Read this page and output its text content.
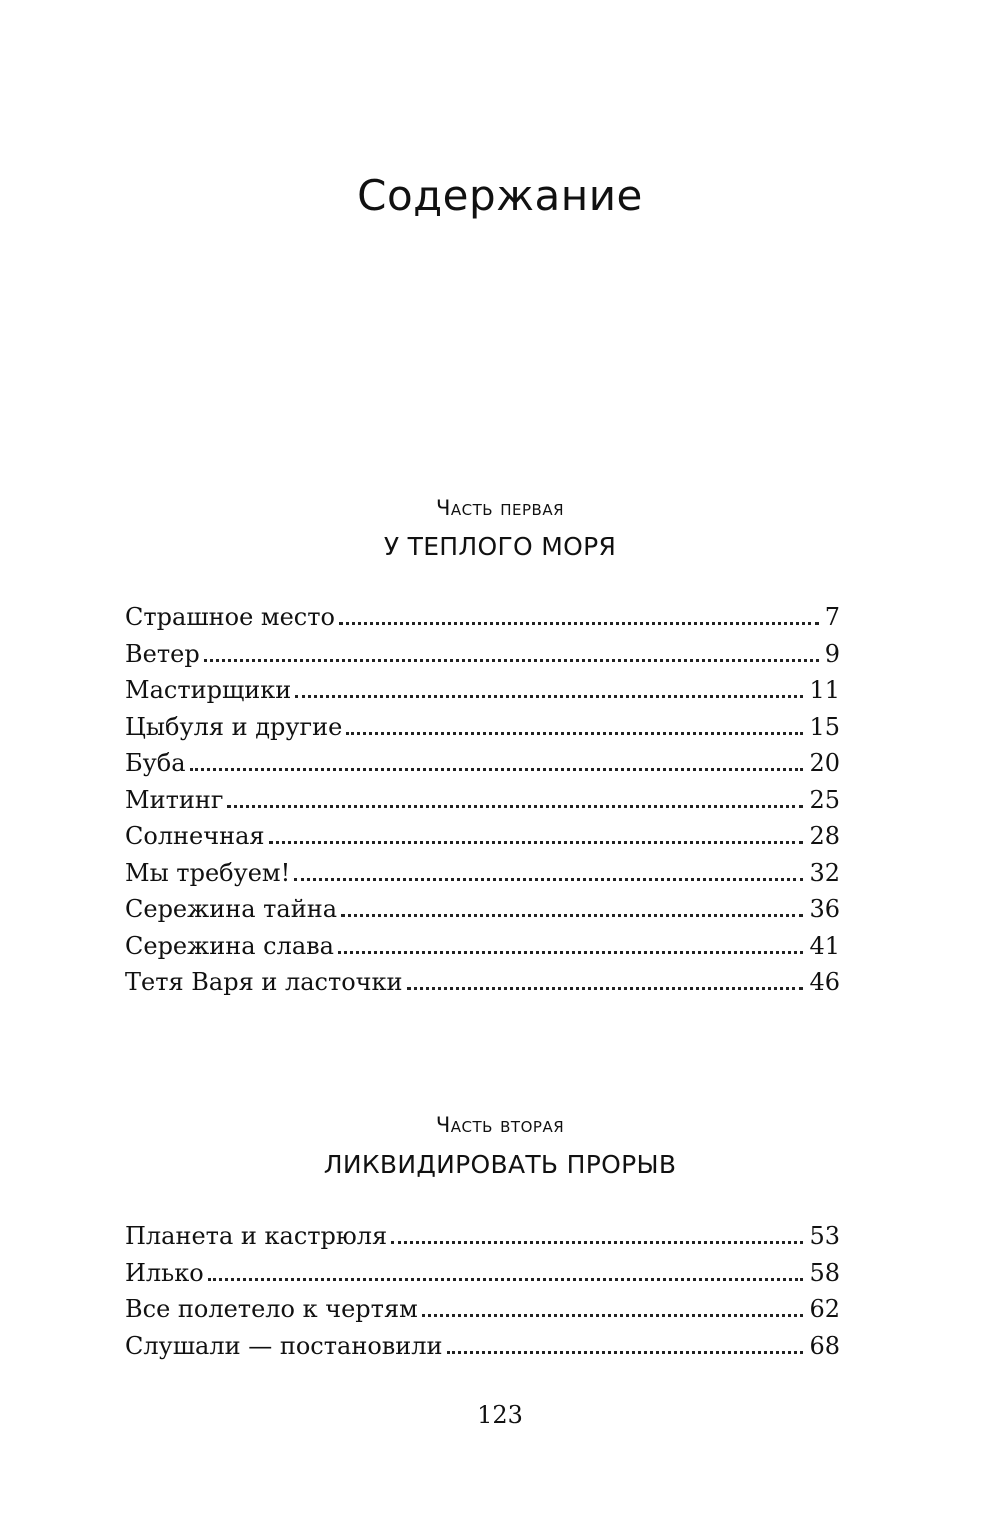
Содержание
Часть первая
У ТЕПЛОГО МОРЯ
Страшное место	7
Ветер	9
Мастирщики	11
Цыбуля и другие	15
Буба	20
Митинг	25
Солнечная	28
Мы требуем!	32
Сережина тайна	36
Сережина слава	41
Тетя Варя и ласточки	46
Часть вторая
ЛИКВИДИРОВАТЬ ПРОРЫВ
Планета и кастрюля	53
Илько	58
Все полетело к чертям	62
Слушали — постановили	68
123
